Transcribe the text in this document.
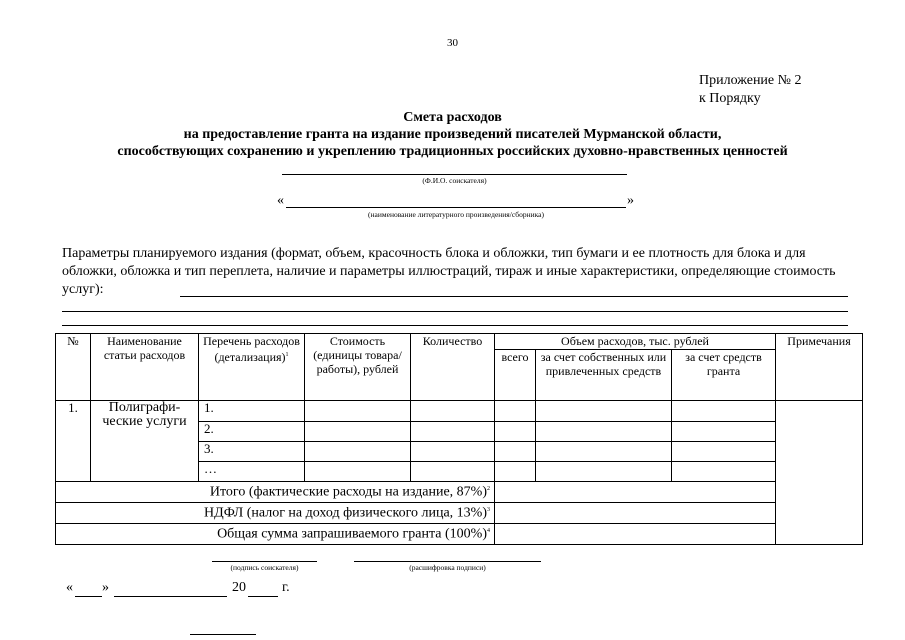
30
Приложение № 2
к Порядку
Смета расходов
на предоставление гранта на издание произведений писателей Мурманской области,
способствующих сохранению и укреплению традиционных российских духовно-нравственных ценностей
(Ф.И.О. соискателя)
«	»
(наименование литературного произведения/сборника)
Параметры планируемого издания (формат, объем, красочность блока и обложки, тип бумаги и ее плотность для блока и для обложки, обложка и тип переплета, наличие и параметры иллюстраций, тираж и иные характеристики, определяющие стоимость услуг):
№	Наименование статьи расходов	Перечень расходов (детализация)$^1$	Стоимость (единицы товара/работы), рублей	Количество	Объем расходов, тыс. рублей			Примечания
					всего	за счет собственных или привлеченных средств	за счет средств гранта	
1.	Полиграфи-ческие услуги	1.						
		2.						
		3.						
		…						
Итого (фактические расходы на издание, 87%)$^2$	
НДФЛ (налог на доход физического лица, 13%)$^3$	
Общая сумма запрашиваемого гранта $(100\%)^4$	
(подпись соискателя)	(расшифровка подписи)
« »	20	г.
